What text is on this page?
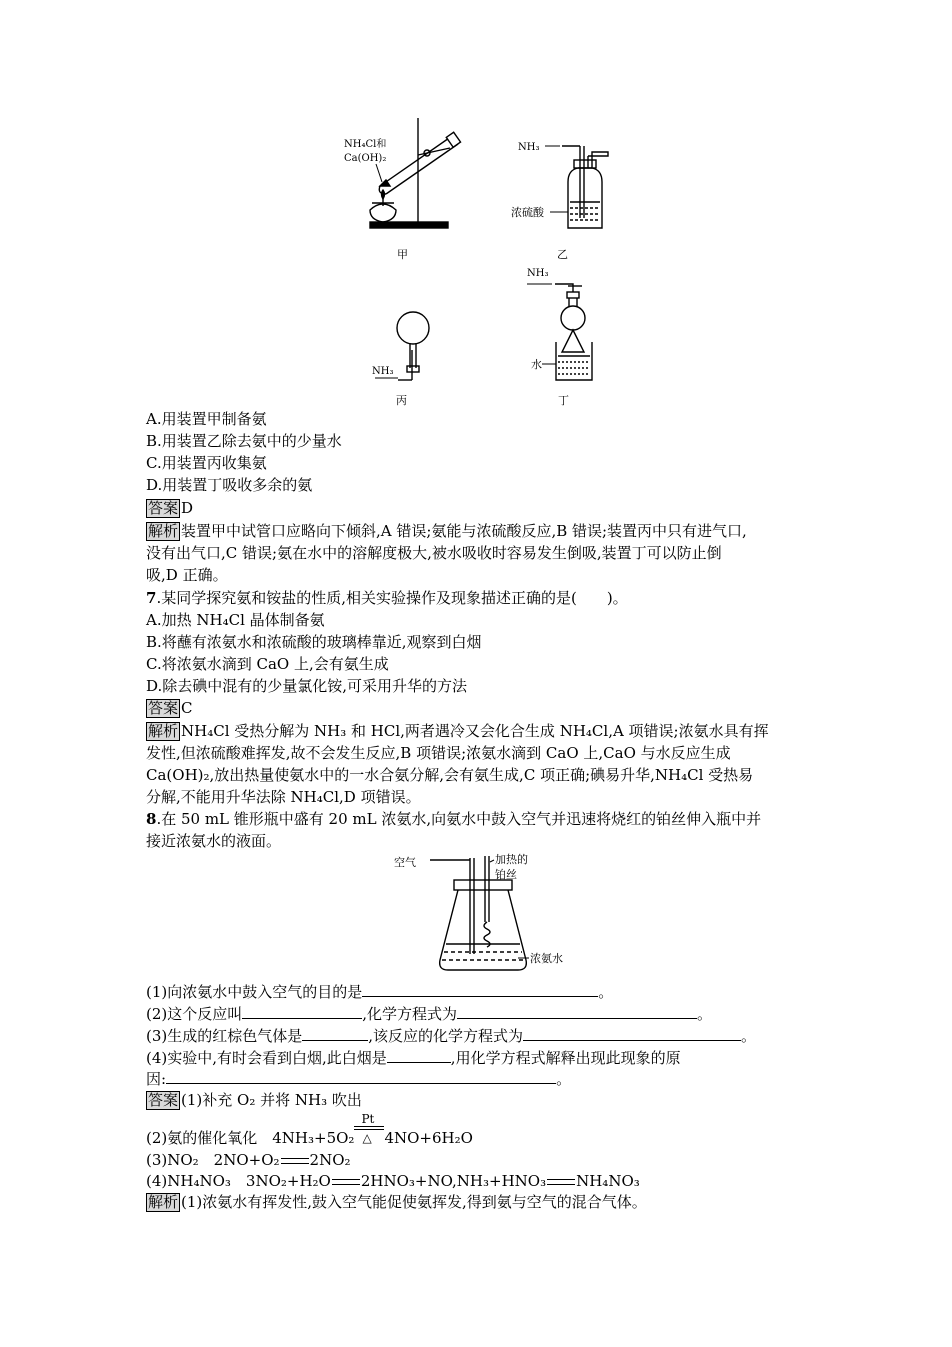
NH₄Cl和
Ca(OH)₂
甲
NH₃
浓硫酸
乙
NH₃
丙
NH₃
水
丁
A.用装置甲制备氨
B.用装置乙除去氨中的少量水
C.用装置丙收集氨
D.用装置丁吸收多余的氨
答案 D
解析 装置甲中试管口应略向下倾斜,A 错误;氨能与浓硫酸反应,B 错误;装置丙中只有进气口,
没有出气口,C 错误;氨在水中的溶解度极大,被水吸收时容易发生倒吸,装置丁可以防止倒
吸,D 正确。
7.某同学探究氨和铵盐的性质,相关实验操作及现象描述正确的是(　　)。
A.加热 NH₄Cl 晶体制备氨
B.将蘸有浓氨水和浓硫酸的玻璃棒靠近,观察到白烟
C.将浓氨水滴到 CaO 上,会有氨生成
D.除去碘中混有的少量氯化铵,可采用升华的方法
答案 C
解析 NH₄Cl 受热分解为 NH₃ 和 HCl,两者遇冷又会化合生成 NH₄Cl,A 项错误;浓氨水具有挥
发性,但浓硫酸难挥发,故不会发生反应,B 项错误;浓氨水滴到 CaO 上,CaO 与水反应生成
Ca(OH)₂,放出热量使氨水中的一水合氨分解,会有氨生成,C 项正确;碘易升华,NH₄Cl 受热易
分解,不能用升华法除 NH₄Cl,D 项错误。
8.在 50 mL 锥形瓶中盛有 20 mL 浓氨水,向氨水中鼓入空气并迅速将烧红的铂丝伸入瓶中并
接近浓氨水的液面。
空气	加热的
铂丝
浓氨水
(1)向浓氨水中鼓入空气的目的是	。
(2)这个反应叫	,化学方程式为	。
(3)生成的红棕色气体是	,该反应的化学方程式为	。
(4)实验中,有时会看到白烟,此白烟是	,用化学方程式解释出现此现象的原
因:	。
答案 (1)补充 O₂ 并将 NH₃ 吹出
(2)氨的催化氧化　4NH₃+5O₂
Pt
△ 4NO+6H₂O
(3)NO₂　2NO+O₂ 2NO₂
(4)NH₄NO₃　3NO₂+H₂O 2HNO₃+NO,NH₃+HNO₃ NH₄NO₃
解析 (1)浓氨水有挥发性,鼓入空气能促使氨挥发,得到氨与空气的混合气体。
